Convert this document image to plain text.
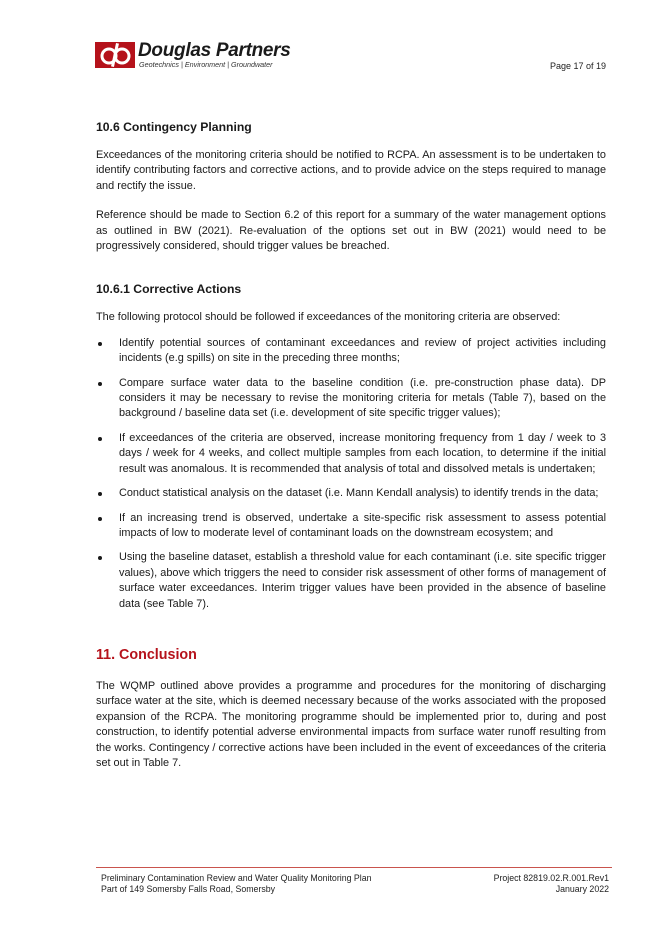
Douglas Partners
Geotechnics | Environment | Groundwater	Page 17 of 19
10.6 Contingency Planning

Exceedances of the monitoring criteria should be notified to RCPA. An assessment is to be undertaken to identify contributing factors and corrective actions, and to provide advice on the steps required to manage and rectify the issue.

Reference should be made to Section 6.2 of this report for a summary of the water management options as outlined in BW (2021). Re-evaluation of the options set out in BW (2021) would need to be progressively considered, should trigger values be breached.

10.6.1 Corrective Actions

The following protocol should be followed if exceedances of the monitoring criteria are observed:

Identify potential sources of contaminant exceedances and review of project activities including incidents (e.g spills) on site in the preceding three months;
Compare surface water data to the baseline condition (i.e. pre-construction phase data). DP considers it may be necessary to revise the monitoring criteria for metals (Table 7), based on the background / baseline data set (i.e. development of site specific trigger values);
If exceedances of the criteria are observed, increase monitoring frequency from 1 day / week to 3 days / week for 4 weeks, and collect multiple samples from each location, to determine if the initial result was anomalous. It is recommended that analysis of total and dissolved metals is undertaken;
Conduct statistical analysis on the dataset (i.e. Mann Kendall analysis) to identify trends in the data;
If an increasing trend is observed, undertake a site-specific risk assessment to assess potential impacts of low to moderate level of contaminant loads on the downstream ecosystem; and
Using the baseline dataset, establish a threshold value for each contaminant (i.e. site specific trigger values), above which triggers the need to consider risk assessment of other forms of management of surface water exceedances. Interim trigger values have been provided in the absence of baseline data (see Table 7).
11. Conclusion

The WQMP outlined above provides a programme and procedures for the monitoring of discharging surface water at the site, which is deemed necessary because of the works associated with the proposed expansion of the RCPA. The monitoring programme should be implemented prior to, during and post construction, to identify potential adverse environmental impacts from surface water runoff resulting from the works. Contingency / corrective actions have been included in the event of exceedances of the criteria set out in Table 7.

Preliminary Contamination Review and Water Quality Monitoring Plan
Part of 149 Somersby Falls Road, Somersby
Project 82819.02.R.001.Rev1
January 2022
